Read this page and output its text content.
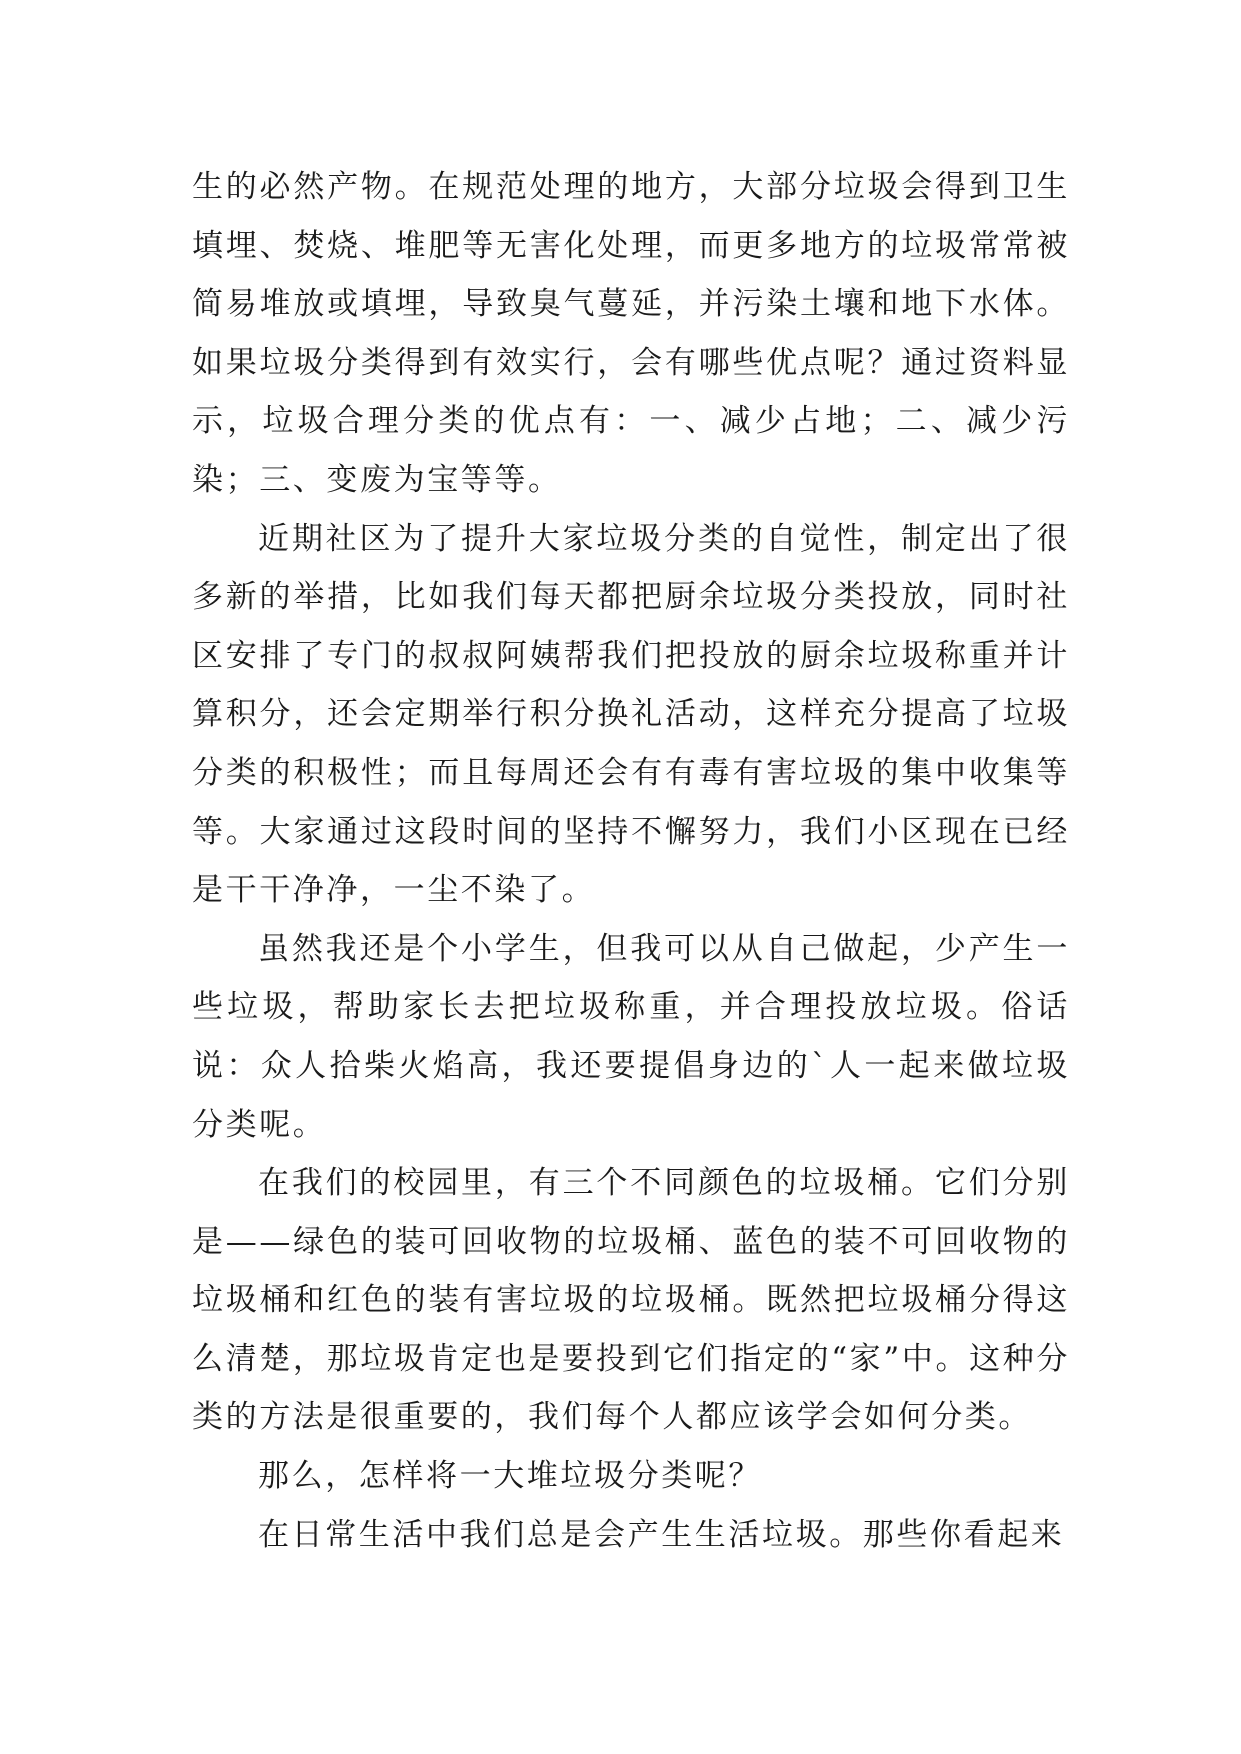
生的必然产物。在规范处理的地方，大部分垃圾会得到卫生填埋、焚烧、堆肥等无害化处理，而更多地方的垃圾常常被简易堆放或填埋，导致臭气蔓延，并污染土壤和地下水体。如果垃圾分类得到有效实行，会有哪些优点呢？通过资料显示，垃圾合理分类的优点有：一、减少占地；二、减少污染；三、变废为宝等等。

近期社区为了提升大家垃圾分类的自觉性，制定出了很多新的举措，比如我们每天都把厨余垃圾分类投放，同时社区安排了专门的叔叔阿姨帮我们把投放的厨余垃圾称重并计算积分，还会定期举行积分换礼活动，这样充分提高了垃圾分类的积极性；而且每周还会有有毒有害垃圾的集中收集等等。大家通过这段时间的坚持不懈努力，我们小区现在已经是干干净净，一尘不染了。

虽然我还是个小学生，但我可以从自己做起，少产生一些垃圾，帮助家长去把垃圾称重，并合理投放垃圾。俗话说：众人拾柴火焰高，我还要提倡身边的`人一起来做垃圾分类呢。

在我们的校园里，有三个不同颜色的垃圾桶。它们分别是——绿色的装可回收物的垃圾桶、蓝色的装不可回收物的垃圾桶和红色的装有害垃圾的垃圾桶。既然把垃圾桶分得这么清楚，那垃圾肯定也是要投到它们指定的“家”中。这种分类的方法是很重要的，我们每个人都应该学会如何分类。

那么，怎样将一大堆垃圾分类呢？

在日常生活中我们总是会产生生活垃圾。那些你看起来
